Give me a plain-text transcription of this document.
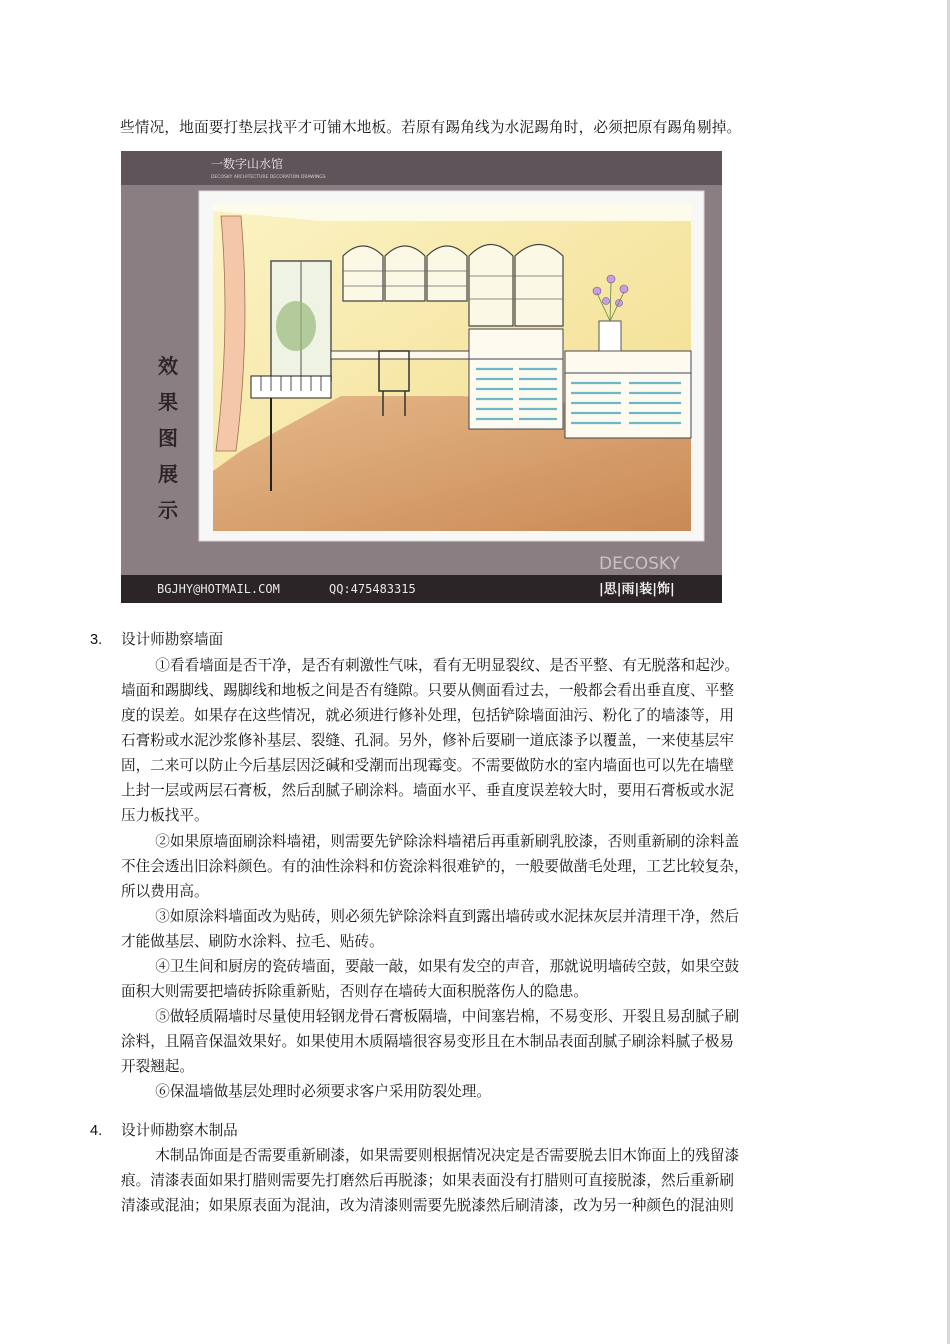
些情况，地面要打垫层找平才可铺木地板。若原有踢角线为水泥踢角时，必须把原有踢角剔掉。
效
果
图
展
示
一数字山水馆
DECOSKY ARCHITECTURE DECORATION DRAWINGS
DECOSKY
BGJHY@HOTMAIL.COM	QQ:475483315	|思|雨|装|饰|
3. 设计师勘察墙面
①看看墙面是否干净，是否有刺激性气味，看有无明显裂纹、是否平整、有无脱落和起沙。
墙面和踢脚线、踢脚线和地板之间是否有缝隙。只要从侧面看过去，一般都会看出垂直度、平整
度的误差。如果存在这些情况，就必须进行修补处理，包括铲除墙面油污、粉化了的墙漆等，用
石膏粉或水泥沙浆修补基层、裂缝、孔洞。另外，修补后要刷一道底漆予以覆盖，一来使基层牢
固，二来可以防止今后基层因泛碱和受潮而出现霉变。不需要做防水的室内墙面也可以先在墙壁
上封一层或两层石膏板，然后刮腻子刷涂料。墙面水平、垂直度误差较大时，要用石膏板或水泥
压力板找平。
②如果原墙面刷涂料墙裙，则需要先铲除涂料墙裙后再重新刷乳胶漆，否则重新刷的涂料盖
不住会透出旧涂料颜色。有的油性涂料和仿瓷涂料很难铲的，一般要做凿毛处理，工艺比较复杂，
所以费用高。
③如原涂料墙面改为贴砖，则必须先铲除涂料直到露出墙砖或水泥抹灰层并清理干净，然后
才能做基层、刷防水涂料、拉毛、贴砖。
④卫生间和厨房的瓷砖墙面，要敲一敲，如果有发空的声音，那就说明墙砖空鼓，如果空鼓
面积大则需要把墙砖拆除重新贴，否则存在墙砖大面积脱落伤人的隐患。
⑤做轻质隔墙时尽量使用轻钢龙骨石膏板隔墙，中间塞岩棉，不易变形、开裂且易刮腻子刷
涂料，且隔音保温效果好。如果使用木质隔墙很容易变形且在木制品表面刮腻子刷涂料腻子极易
开裂翘起。
⑥保温墙做基层处理时必须要求客户采用防裂处理。
4. 设计师勘察木制品
木制品饰面是否需要重新刷漆，如果需要则根据情况决定是否需要脱去旧木饰面上的残留漆
痕。清漆表面如果打腊则需要先打磨然后再脱漆；如果表面没有打腊则可直接脱漆，然后重新刷
清漆或混油；如果原表面为混油，改为清漆则需要先脱漆然后刷清漆，改为另一种颜色的混油则
